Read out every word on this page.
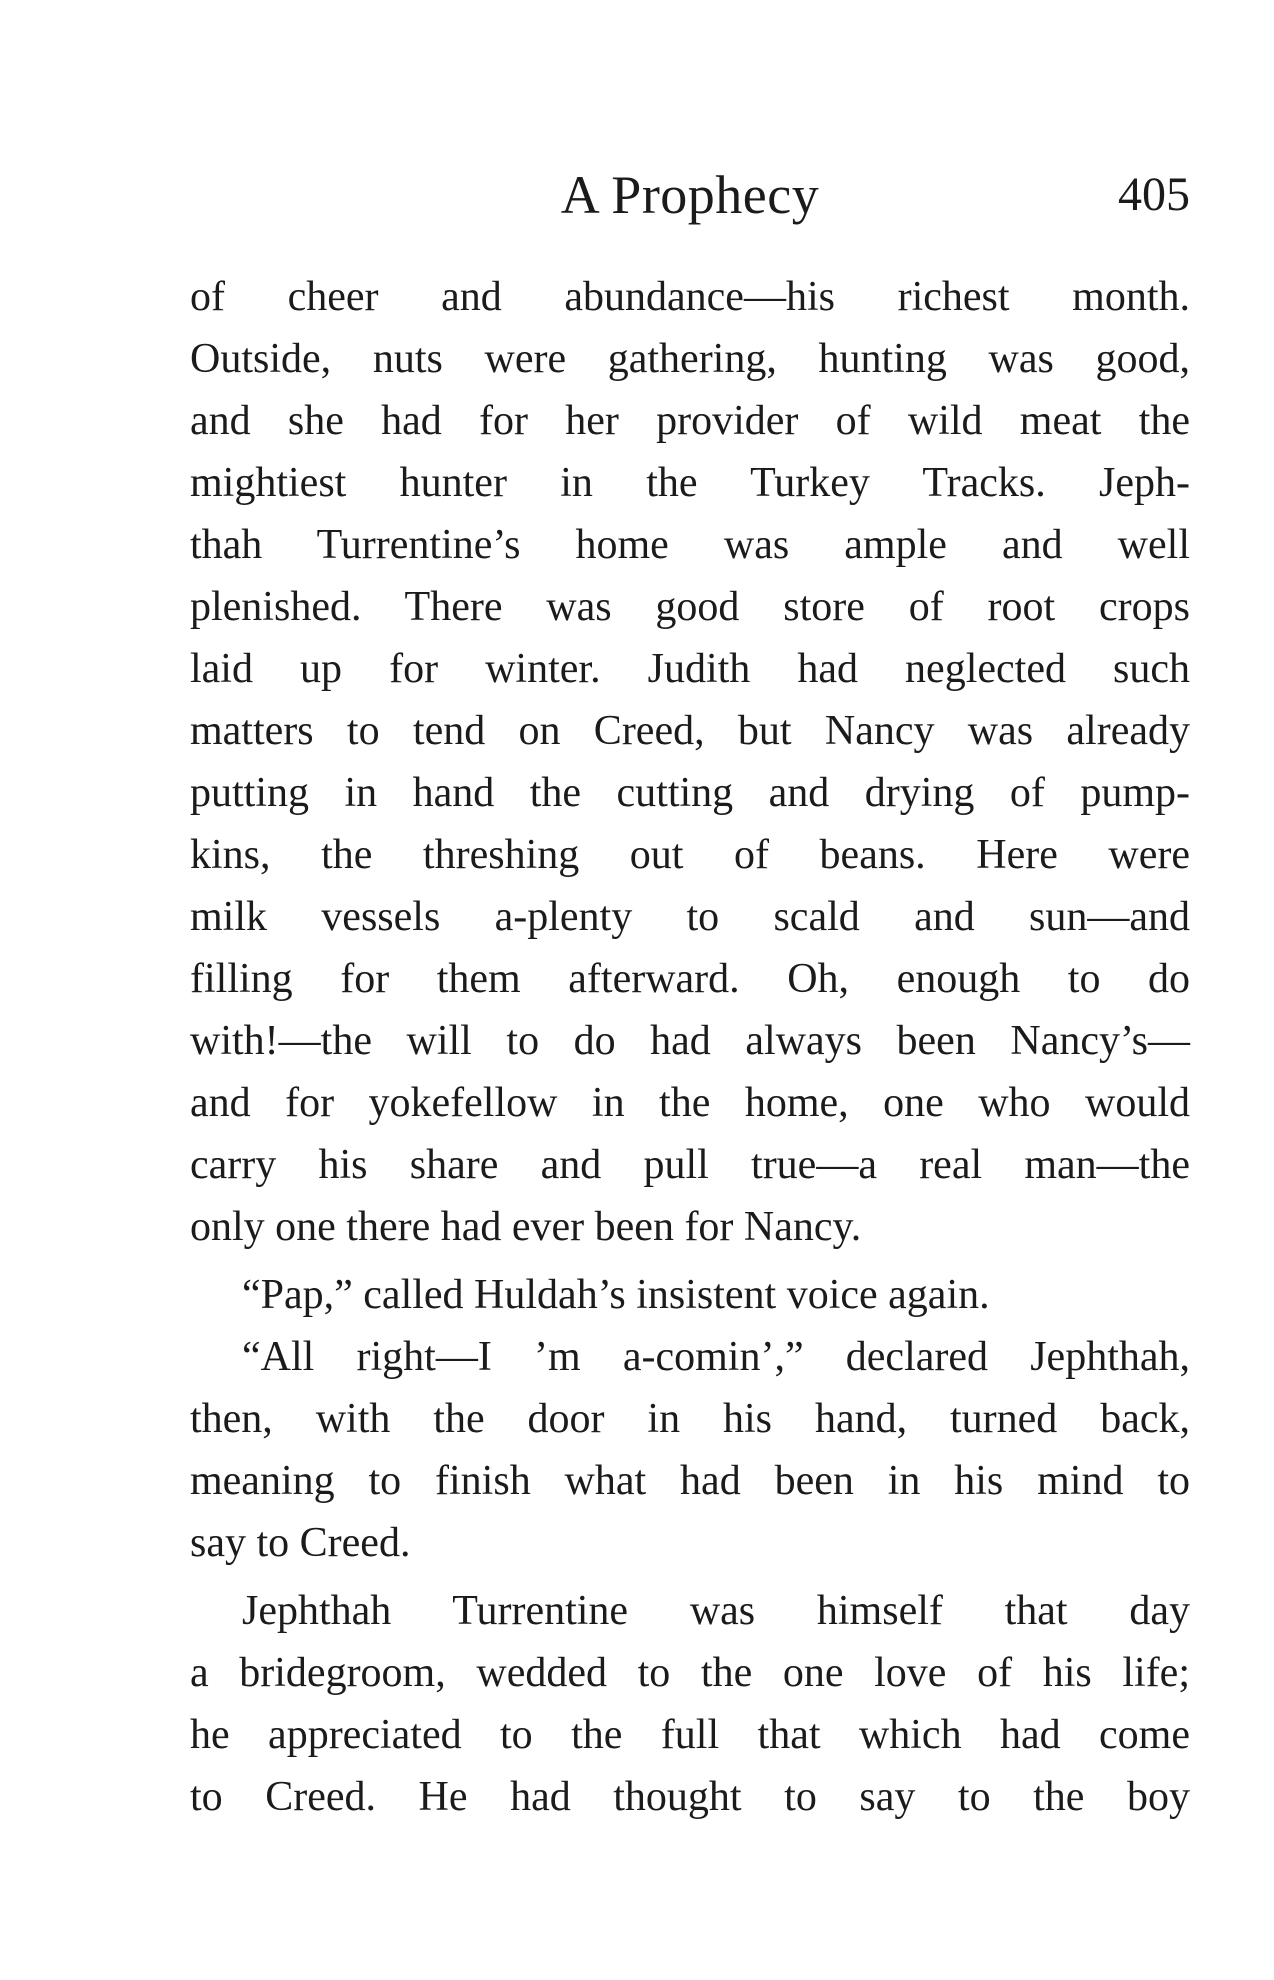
A Prophecy	405
of cheer and abundance—his richest month.
Outside, nuts were gathering, hunting was good,
and she had for her provider of wild meat the
mightiest hunter in the Turkey Tracks. Jeph-
thah Turrentine’s home was ample and well
plenished. There was good store of root crops
laid up for winter. Judith had neglected such
matters to tend on Creed, but Nancy was already
putting in hand the cutting and drying of pump-
kins, the threshing out of beans. Here were
milk vessels a-plenty to scald and sun—and
filling for them afterward. Oh, enough to do
with!—the will to do had always been Nancy’s—
and for yokefellow in the home, one who would
carry his share and pull true—a real man—the
only one there had ever been for Nancy.
“Pap,” called Huldah’s insistent voice again.
“All right—I ’m a-comin’,” declared Jephthah,
then, with the door in his hand, turned back,
meaning to finish what had been in his mind to
say to Creed.
Jephthah Turrentine was himself that day
a bridegroom, wedded to the one love of his life;
he appreciated to the full that which had come
to Creed. He had thought to say to the boy
